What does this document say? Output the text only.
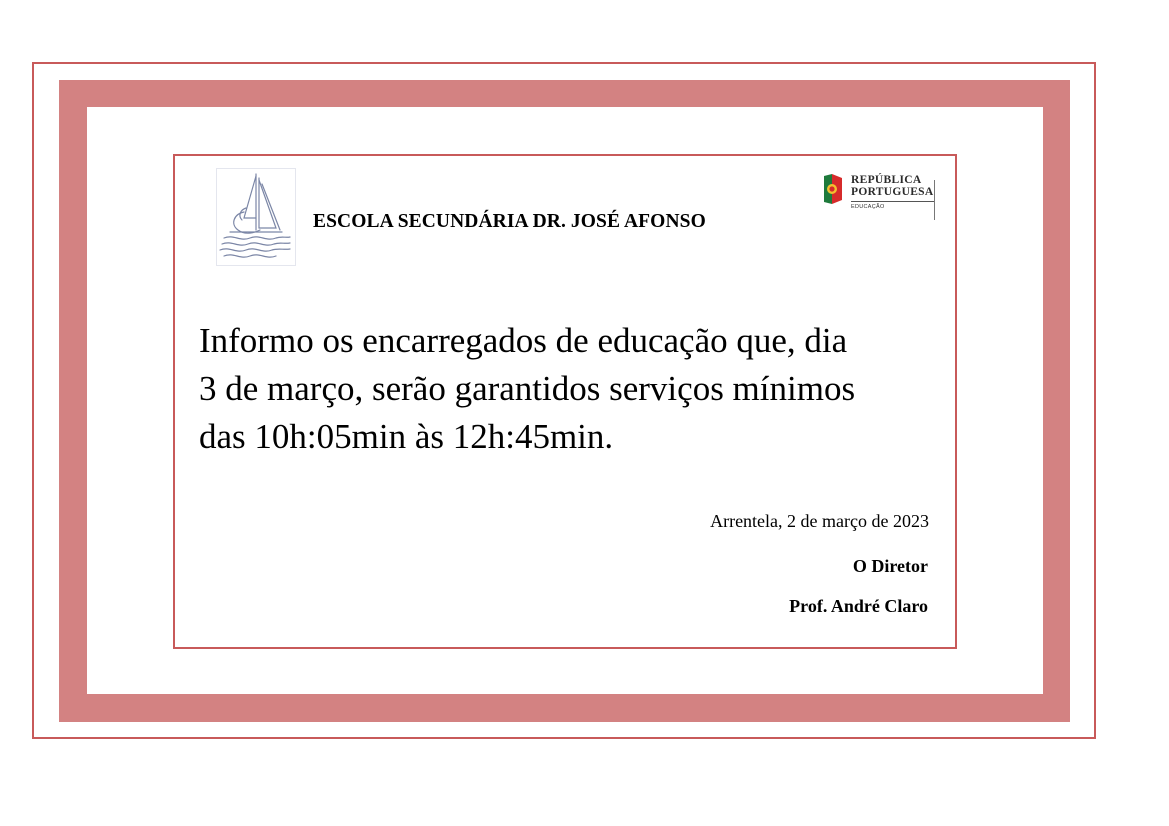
ESCOLA SECUNDÁRIA DR. JOSÉ AFONSO
REPÚBLICA
PORTUGUESA
EDUCAÇÃO
Informo os encarregados de educação que, dia
3 de março, serão garantidos serviços mínimos
das 10h:05min às 12h:45min.
Arrentela, 2 de março de 2023
O Diretor
Prof. André Claro
